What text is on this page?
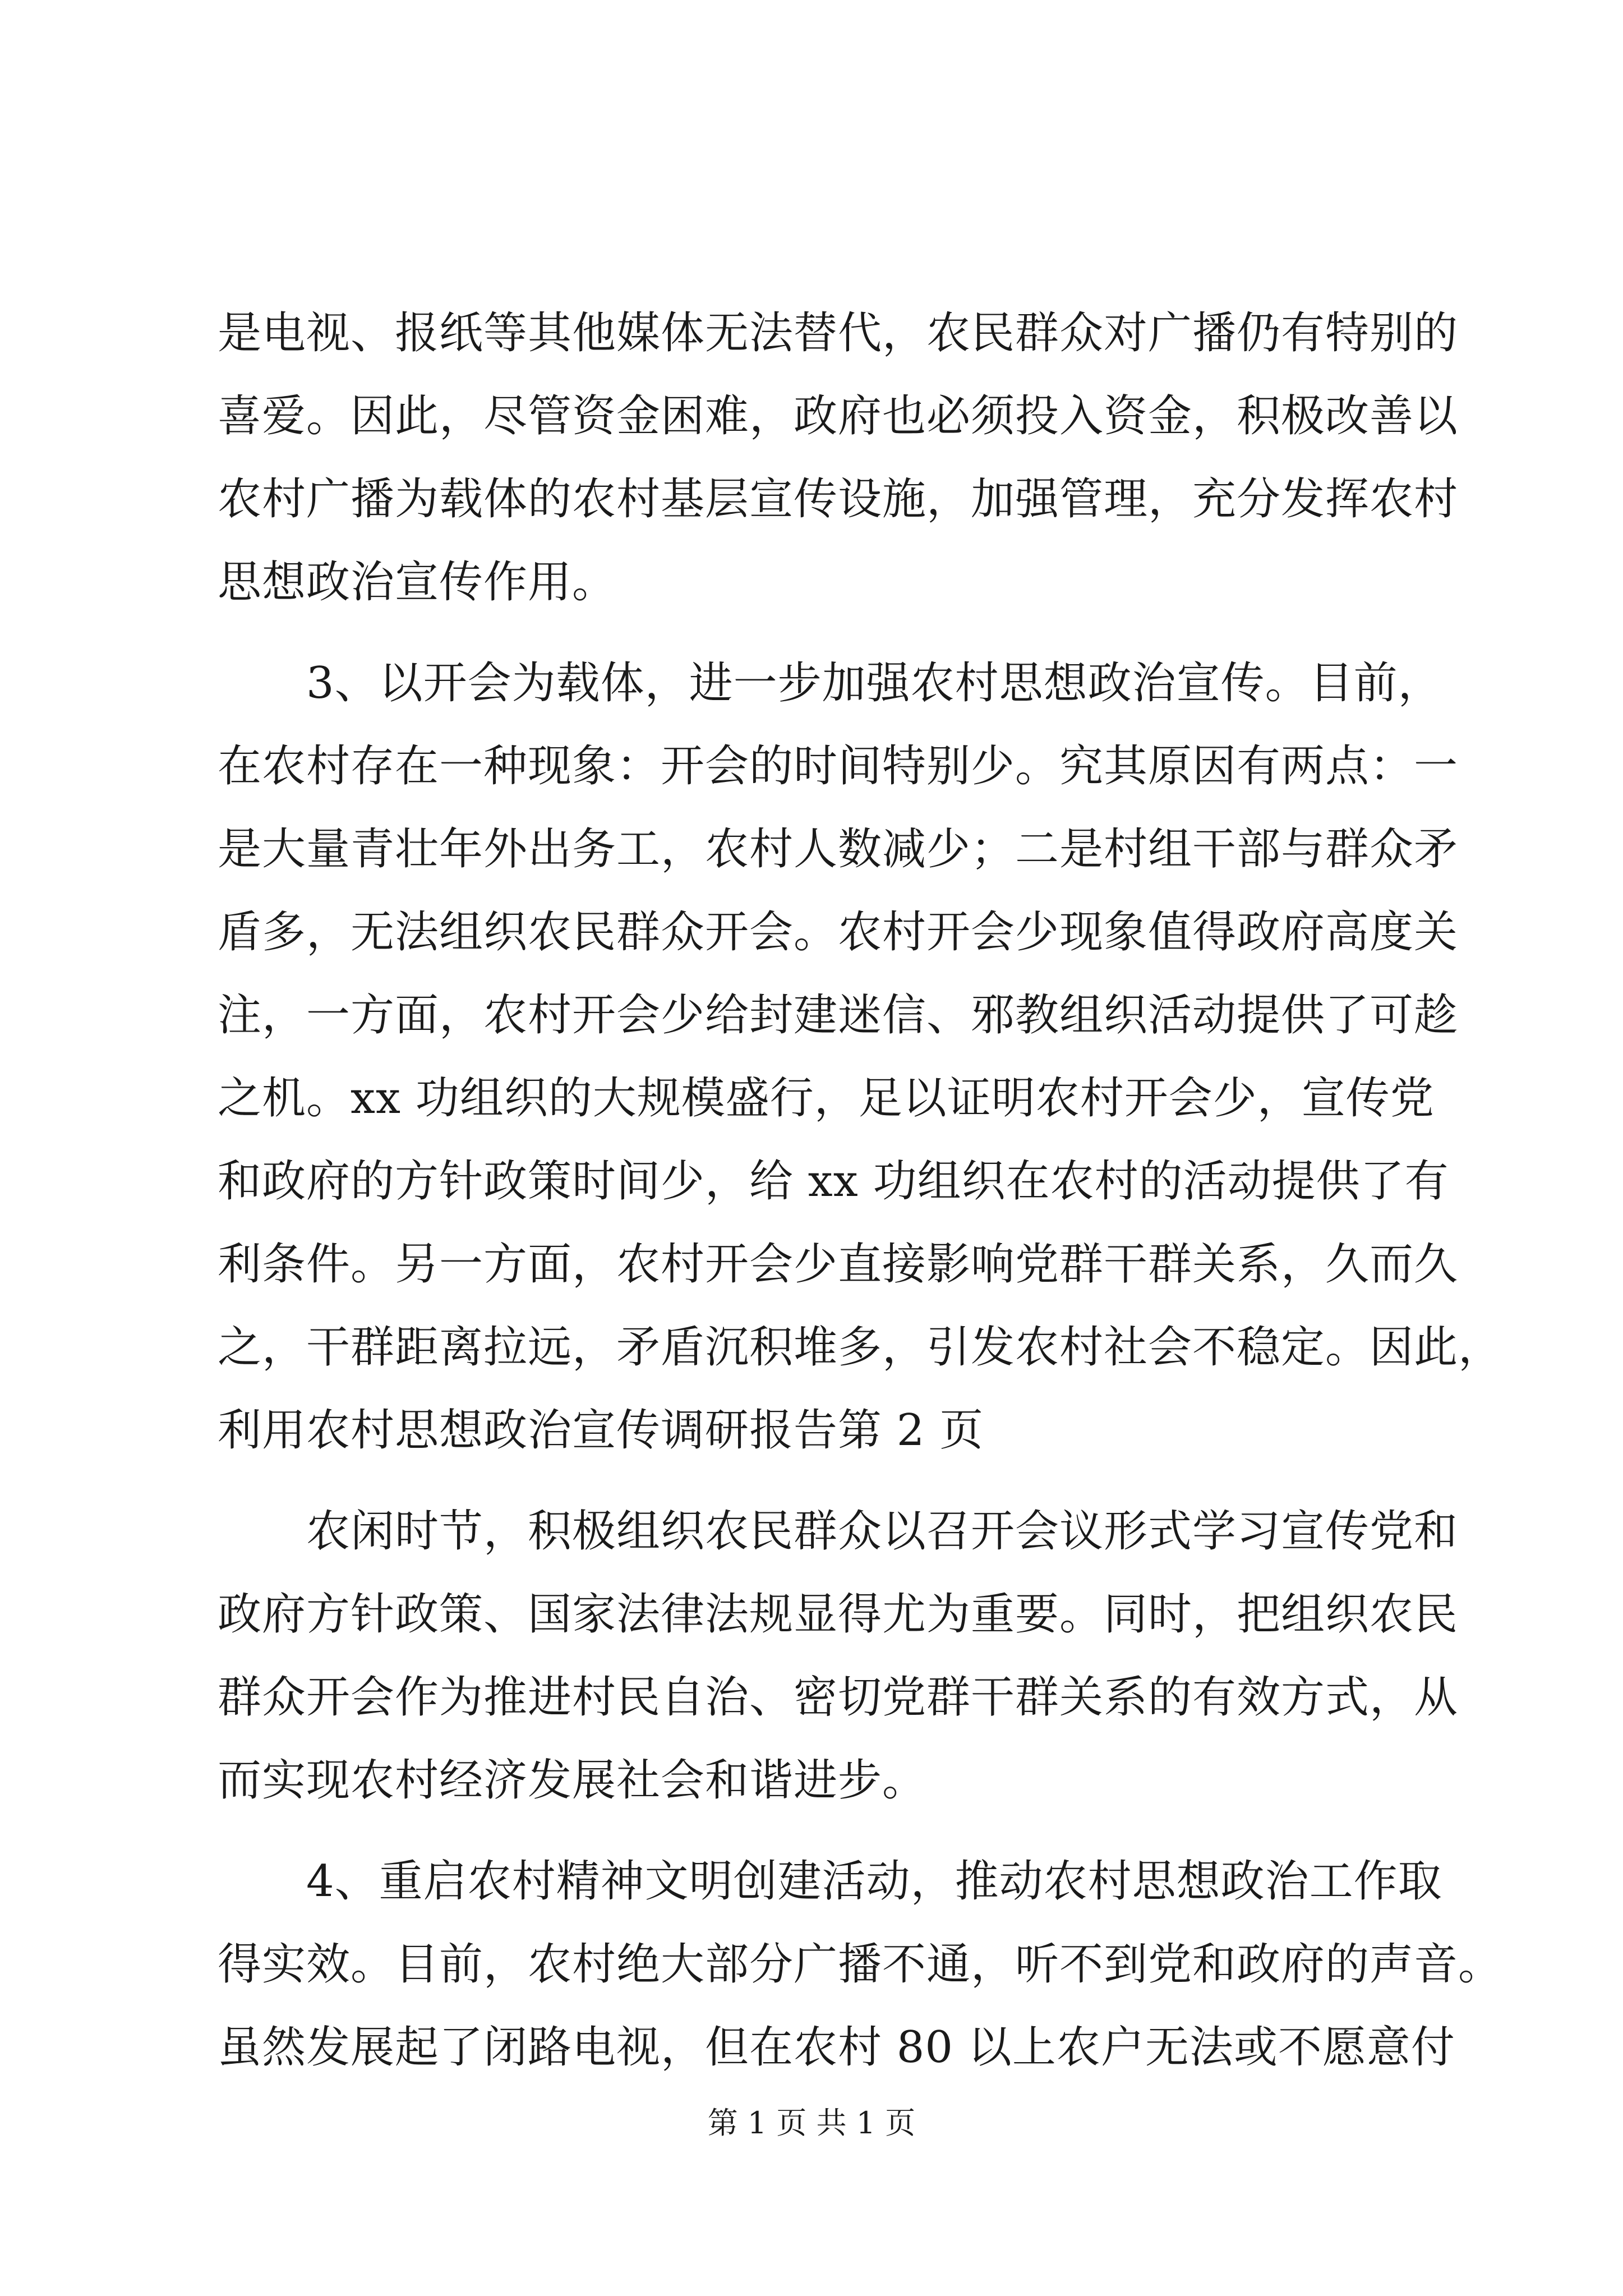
是电视、报纸等其他媒体无法替代，农民群众对广播仍有特别的
喜爱。因此，尽管资金困难，政府也必须投入资金，积极改善以
农村广播为载体的农村基层宣传设施，加强管理，充分发挥农村
思想政治宣传作用。
　　3、以开会为载体，进一步加强农村思想政治宣传。目前，
在农村存在一种现象：开会的时间特别少。究其原因有两点：一
是大量青壮年外出务工，农村人数减少；二是村组干部与群众矛
盾多，无法组织农民群众开会。农村开会少现象值得政府高度关
注，一方面，农村开会少给封建迷信、邪教组织活动提供了可趁
之机。xx 功组织的大规模盛行，足以证明农村开会少，宣传党
和政府的方针政策时间少，给 xx 功组织在农村的活动提供了有
利条件。另一方面，农村开会少直接影响党群干群关系，久而久
之，干群距离拉远，矛盾沉积堆多，引发农村社会不稳定。因此，
利用农村思想政治宣传调研报告第 2 页
　　农闲时节，积极组织农民群众以召开会议形式学习宣传党和
政府方针政策、国家法律法规显得尤为重要。同时，把组织农民
群众开会作为推进村民自治、密切党群干群关系的有效方式，从
而实现农村经济发展社会和谐进步。
　　4、重启农村精神文明创建活动，推动农村思想政治工作取
得实效。目前，农村绝大部分广播不通，听不到党和政府的声音。
虽然发展起了闭路电视，但在农村 80 以上农户无法或不愿意付
第 1 页 共 1 页
